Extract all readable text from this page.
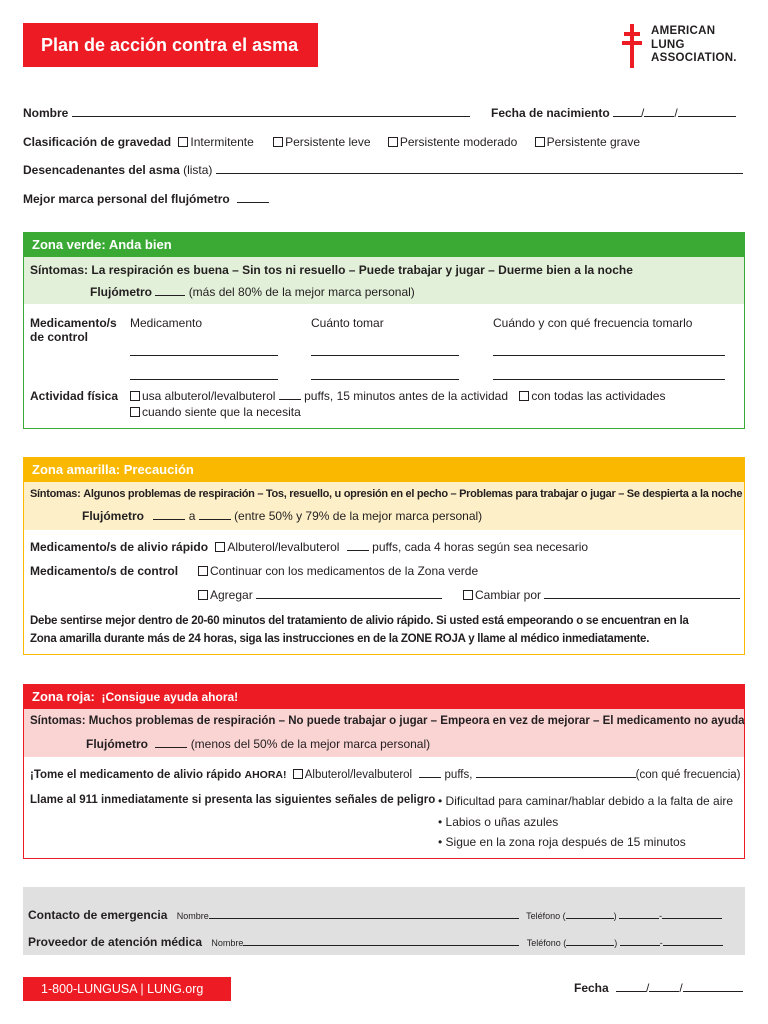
Plan de acción contra el asma
AMERICAN
LUNG
ASSOCIATION.
Nombre	Fecha de nacimiento	/	/
Clasificación de gravedad Intermitente	Persistente leve Persistente moderado Persistente grave
Desencadenantes del asma (lista)
Mejor marca personal del flujómetro
Zona verde: Anda bien
Síntomas: La respiración es buena – Sin tos ni resuello – Puede trabajar y jugar – Duerme bien a la noche
Flujómetro	(más del 80% de la mejor marca personal)
Medicamento/s
de control
Medicamento	Cuánto tomar	Cuándo y con qué frecuencia tomarlo
Actividad física	usa albuterol/levalbuterol puffs, 15 minutos antes de la actividad con todas las actividades
cuando siente que la necesita
Zona amarilla: Precaución
Síntomas: Algunos problemas de respiración – Tos, resuello, u opresión en el pecho – Problemas para trabajar o jugar – Se despierta a la noche
Flujómetro	a	(entre 50% y 79% de la mejor marca personal)
Medicamento/s de alivio rápido Albuterol/levalbuterol	puffs, cada 4 horas según sea necesario
Medicamento/s de control	Continuar con los medicamentos de la Zona verde
Agregar	Cambiar por
Debe sentirse mejor dentro de 20-60 minutos del tratamiento de alivio rápido. Si usted está empeorando o se encuentran en la
Zona amarilla durante más de 24 horas, siga las instrucciones en de la ZONE ROJA y llame al médico inmediatamente.
Zona roja: ¡Consigue ayuda ahora!
Síntomas: Muchos problemas de respiración – No puede trabajar o jugar – Empeora en vez de mejorar – El medicamento no ayuda
Flujómetro	(menos del 50% de la mejor marca personal)
¡Tome el medicamento de alivio rápido AHORA! Albuterol/levalbuterol	puffs,	(con qué frecuencia)
Llame al 911 inmediatamente si presenta las siguientes señales de peligro • Dificultad para caminar/hablar debido a la falta de aire
• Labios o uñas azules
• Sigue en la zona roja después de 15 minutos
Contacto de emergencia Nombre	Teléfono (	)	-
Proveedor de atención médica Nombre	Teléfono (	)	-
1-800-LUNGUSA | LUNG.org	Fecha	/	/
